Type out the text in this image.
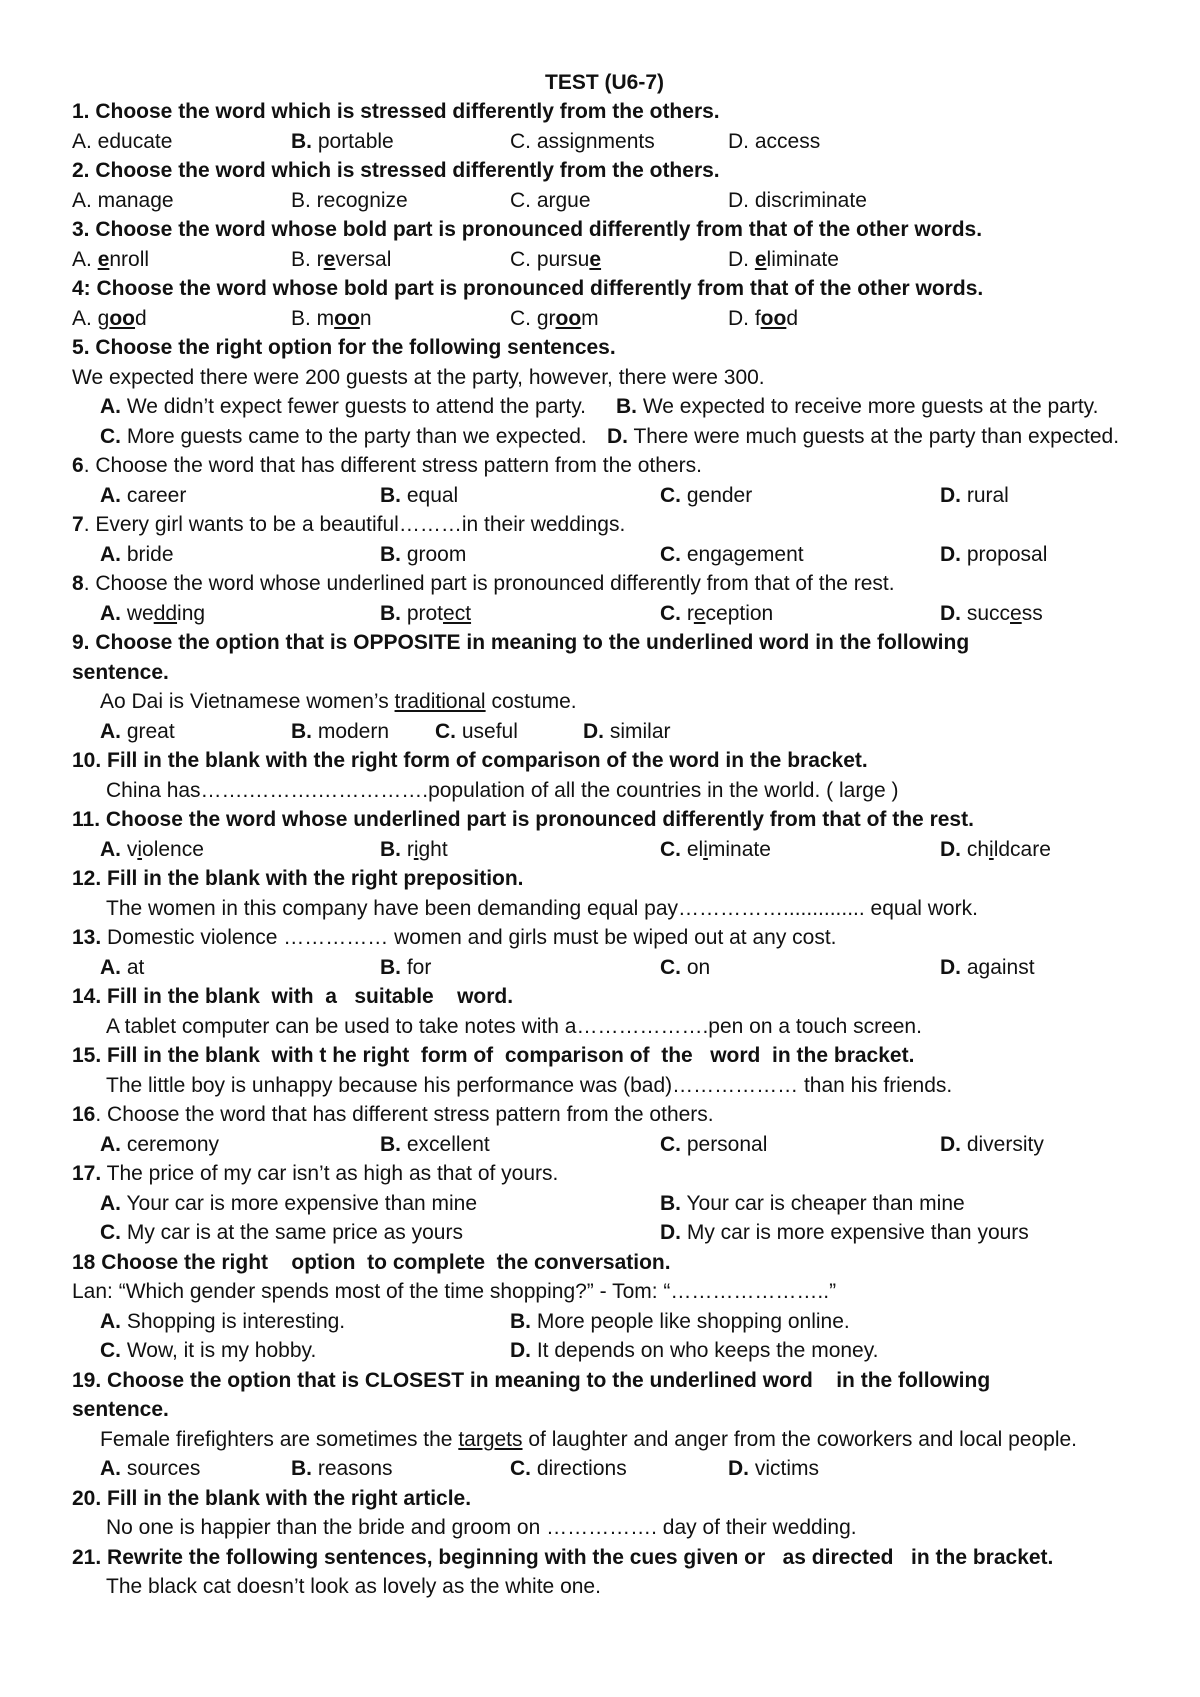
TEST (U6-7)
1. Choose the word which is stressed differently from the others.
A. educate	B. portable	C. assignments	D. access
2. Choose the word which is stressed differently from the others.
A. manage	B. recognize	C. argue	D. discriminate
3. Choose the word whose bold part is pronounced differently from that of the other words.
A. enroll	B. reversal	C. pursue	D. eliminate
4: Choose the word whose bold part is pronounced differently from that of the other words.
A. good	B. moon	C. groom	D. food
5. Choose the right option for the following sentences.
We expected there were 200 guests at the party, however, there were 300.
A. We didn’t expect fewer guests to attend the party. B. We expected to receive more guests at the party.
C. More guests came to the party than we expected. D. There were much guests at the party than expected.
6. Choose the word that has different stress pattern from the others.
A. career	B. equal	C. gender	D. rural
7. Every girl wants to be a beautiful………in their weddings.
A. bride	B. groom	C. engagement	D. proposal
8. Choose the word whose underlined part is pronounced differently from that of the rest.
A. wedding	B. protect	C. reception	D. success
9. Choose the option that is OPPOSITE in meaning to the underlined word in the following
sentence.
Ao Dai is Vietnamese women’s traditional costume.
A. great	B. modern C. useful	D. similar
10. Fill in the blank with the right form of comparison of the word in the bracket.
China has…….……….…………….population of all the countries in the world. ( large )
11. Choose the word whose underlined part is pronounced differently from that of the rest.
A. violence	B. right	C. eliminate	D. childcare
12. Fill in the blank with the right preposition.
The women in this company have been demanding equal pay…………….............. equal work.
13. Domestic violence …………… women and girls must be wiped out at any cost.
A. at	B. for	C. on	D. against
14. Fill in the blank  with  a   suitable    word.
A tablet computer can be used to take notes with a……………….pen on a touch screen.
15. Fill in the blank  with t he right  form of  comparison of  the   word  in the bracket.
The little boy is unhappy because his performance was (bad)……………… than his friends.
16. Choose the word that has different stress pattern from the others.
A. ceremony	B. excellent	C. personal	D. diversity
17. The price of my car isn’t as high as that of yours.
A. Your car is more expensive than mine	B. Your car is cheaper than mine
C. My car is at the same price as yours	D. My car is more expensive than yours
18 Choose the right    option  to complete  the conversation.
Lan: “Which gender spends most of the time shopping?” - Tom: “…………………..”
A. Shopping is interesting.	B. More people like shopping online.
C. Wow, it is my hobby.	D. It depends on who keeps the money.
19. Choose the option that is CLOSEST in meaning to the underlined word    in the following
sentence.
Female firefighters are sometimes the targets of laughter and anger from the coworkers and local people.
A. sources	B. reasons	C. directions	D. victims
20. Fill in the blank with the right article.
No one is happier than the bride and groom on ……………. day of their wedding.
21. Rewrite the following sentences, beginning with the cues given or   as directed   in the bracket.
The black cat doesn’t look as lovely as the white one.
